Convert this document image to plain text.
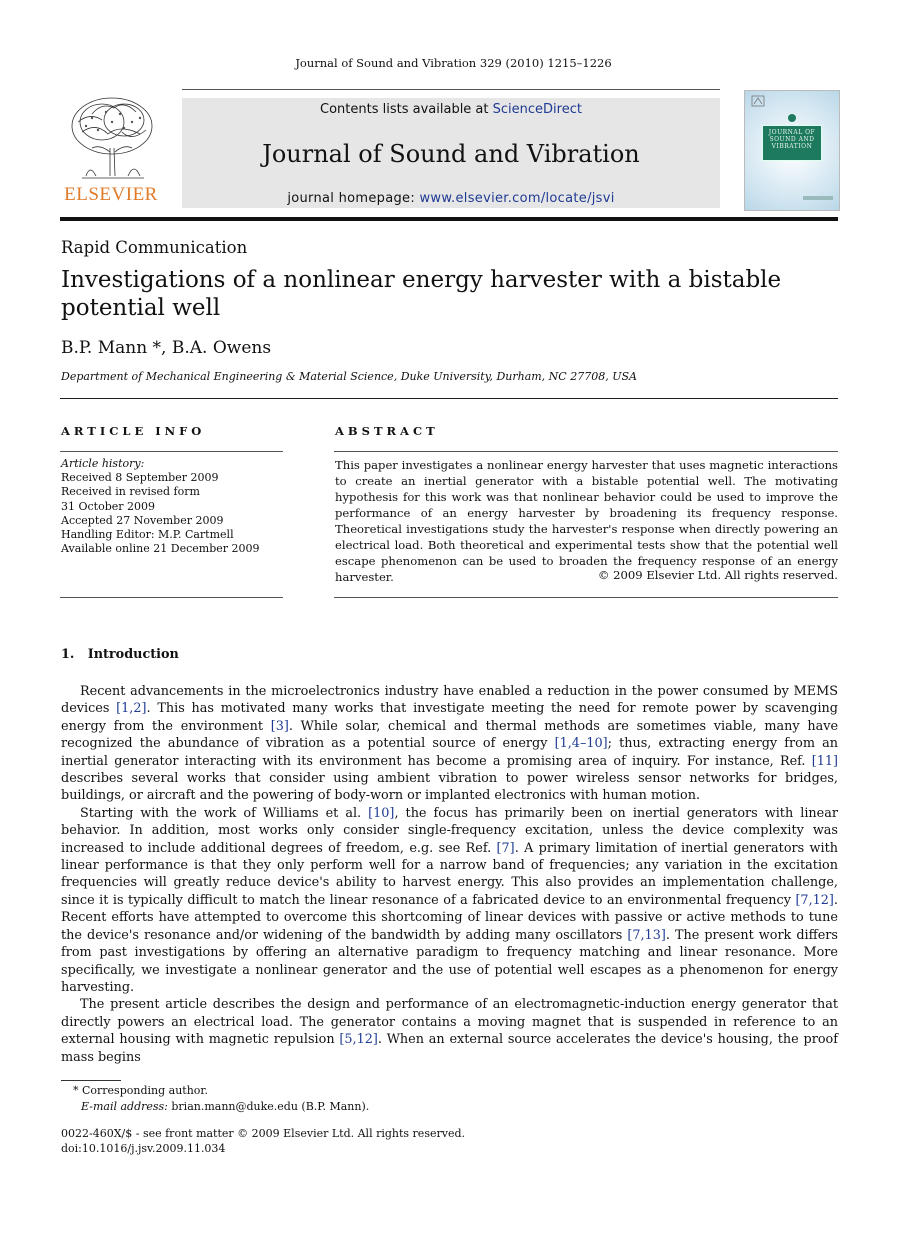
Journal of Sound and Vibration 329 (2010) 1215–1226
ELSEVIER
Contents lists available at ScienceDirect
Journal of Sound and Vibration
journal homepage: www.elsevier.com/locate/jsvi
JOURNAL OF SOUND AND VIBRATION
Rapid Communication
Investigations of a nonlinear energy harvester with a bistable potential well
B.P. Mann *, B.A. Owens
Department of Mechanical Engineering & Material Science, Duke University, Durham, NC 27708, USA
ARTICLE INFO	ABSTRACT
Article history:
Received 8 September 2009
Received in revised form
31 October 2009
Accepted 27 November 2009
Handling Editor: M.P. Cartmell
Available online 21 December 2009
This paper investigates a nonlinear energy harvester that uses magnetic interactions to create an inertial generator with a bistable potential well. The motivating hypothesis for this work was that nonlinear behavior could be used to improve the performance of an energy harvester by broadening its frequency response. Theoretical investigations study the harvester's response when directly powering an electrical load. Both theoretical and experimental tests show that the potential well escape phenomenon can be used to broaden the frequency response of an energy harvester.	© 2009 Elsevier Ltd. All rights reserved.
1.   Introduction

Recent advancements in the microelectronics industry have enabled a reduction in the power consumed by MEMS devices [1,2]. This has motivated many works that investigate meeting the need for remote power by scavenging energy from the environment [3]. While solar, chemical and thermal methods are sometimes viable, many have recognized the abundance of vibration as a potential source of energy [1,4–10]; thus, extracting energy from an inertial generator interacting with its environment has become a promising area of inquiry. For instance, Ref. [11] describes several works that consider using ambient vibration to power wireless sensor networks for bridges, buildings, or aircraft and the powering of body-worn or implanted electronics with human motion.

Starting with the work of Williams et al. [10], the focus has primarily been on inertial generators with linear behavior. In addition, most works only consider single-frequency excitation, unless the device complexity was increased to include additional degrees of freedom, e.g. see Ref. [7]. A primary limitation of inertial generators with linear performance is that they only perform well for a narrow band of frequencies; any variation in the excitation frequencies will greatly reduce device's ability to harvest energy. This also provides an implementation challenge, since it is typically difficult to match the linear resonance of a fabricated device to an environmental frequency [7,12]. Recent efforts have attempted to overcome this shortcoming of linear devices with passive or active methods to tune the device's resonance and/or widening of the bandwidth by adding many oscillators [7,13]. The present work differs from past investigations by offering an alternative paradigm to frequency matching and linear resonance. More specifically, we investigate a nonlinear generator and the use of potential well escapes as a phenomenon for energy harvesting.

The present article describes the design and performance of an electromagnetic-induction energy generator that directly powers an electrical load. The generator contains a moving magnet that is suspended in reference to an external housing with magnetic repulsion [5,12]. When an external source accelerates the device's housing, the proof mass begins

* Corresponding author.
E-mail address: brian.mann@duke.edu (B.P. Mann).
0022-460X/$ - see front matter © 2009 Elsevier Ltd. All rights reserved.
doi:10.1016/j.jsv.2009.11.034
